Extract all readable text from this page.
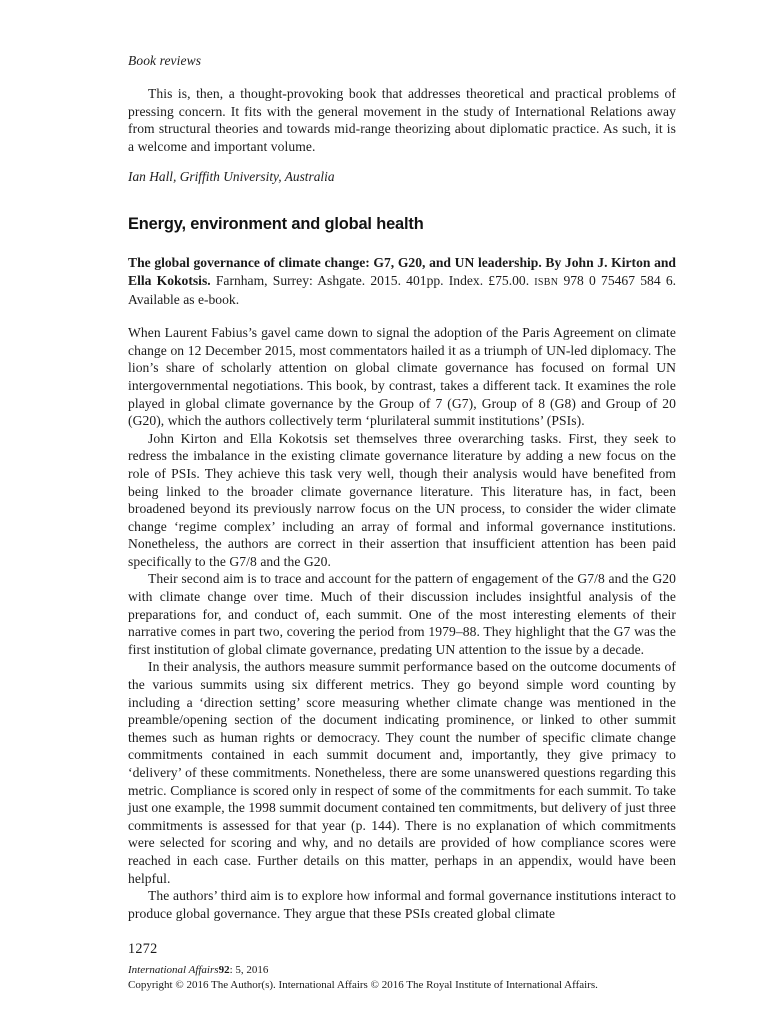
Book reviews

This is, then, a thought-provoking book that addresses theoretical and practical problems of pressing concern. It fits with the general movement in the study of International Relations away from structural theories and towards mid-range theorizing about diplomatic practice. As such, it is a welcome and important volume.

Ian Hall, Griffith University, Australia

Energy, environment and global health

The global governance of climate change: G7, G20, and UN leadership. By John J. Kirton and Ella Kokotsis. Farnham, Surrey: Ashgate. 2015. 401pp. Index. £75.00. isbn 978 0 75467 584 6. Available as e-book.

When Laurent Fabius’s gavel came down to signal the adoption of the Paris Agreement on climate change on 12 December 2015, most commentators hailed it as a triumph of UN-led diplomacy. The lion’s share of scholarly attention on global climate governance has focused on formal UN intergovernmental negotiations. This book, by contrast, takes a different tack. It examines the role played in global climate governance by the Group of 7 (G7), Group of 8 (G8) and Group of 20 (G20), which the authors collectively term ‘plurilateral summit institutions’ (PSIs).

John Kirton and Ella Kokotsis set themselves three overarching tasks. First, they seek to redress the imbalance in the existing climate governance literature by adding a new focus on the role of PSIs. They achieve this task very well, though their analysis would have benefited from being linked to the broader climate governance literature. This literature has, in fact, been broadened beyond its previously narrow focus on the UN process, to consider the wider climate change ‘regime complex’ including an array of formal and informal governance institutions. Nonetheless, the authors are correct in their assertion that insufficient attention has been paid specifically to the G7/8 and the G20.

Their second aim is to trace and account for the pattern of engagement of the G7/8 and the G20 with climate change over time. Much of their discussion includes insightful analysis of the preparations for, and conduct of, each summit. One of the most interesting elements of their narrative comes in part two, covering the period from 1979–88. They highlight that the G7 was the first institution of global climate governance, predating UN attention to the issue by a decade.

In their analysis, the authors measure summit performance based on the outcome documents of the various summits using six different metrics. They go beyond simple word counting by including a ‘direction setting’ score measuring whether climate change was mentioned in the preamble/opening section of the document indicating prominence, or linked to other summit themes such as human rights or democracy. They count the number of specific climate change commitments contained in each summit document and, importantly, they give primacy to ‘delivery’ of these commitments. Nonetheless, there are some unanswered questions regarding this metric. Compliance is scored only in respect of some of the commitments for each summit. To take just one example, the 1998 summit document contained ten commitments, but delivery of just three commitments is assessed for that year (p. 144). There is no explanation of which commitments were selected for scoring and why, and no details are provided of how compliance scores were reached in each case. Further details on this matter, perhaps in an appendix, would have been helpful.

The authors’ third aim is to explore how informal and formal governance institutions interact to produce global governance. They argue that these PSIs created global climate

1272
International Affairs92: 5, 2016
Copyright © 2016 The Author(s). International Affairs © 2016 The Royal Institute of International Affairs.
